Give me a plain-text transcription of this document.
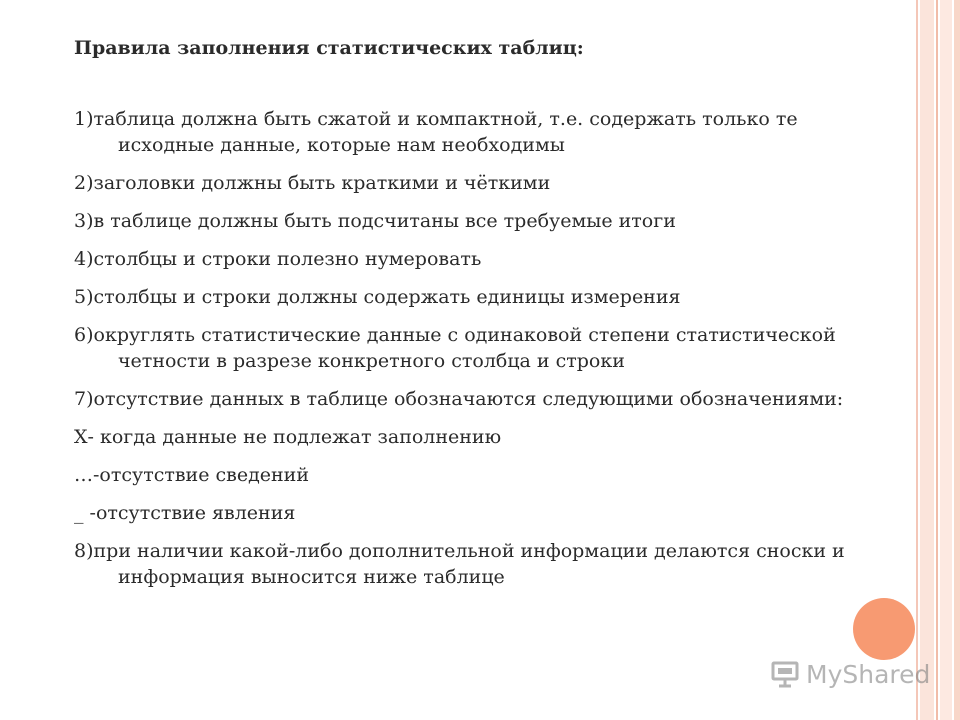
Правила заполнения статистических таблиц:
1)таблица должна быть сжатой и компактной, т.е. содержать только те исходные данные, которые нам необходимы
2)заголовки должны быть краткими и чёткими
3)в таблице должны быть подсчитаны все требуемые итоги
4)столбцы и строки полезно нумеровать
5)столбцы и строки должны содержать единицы измерения
6)округлять статистические данные с одинаковой степени статистической четности в разрезе конкретного столбца и строки
7)отсутствие данных в таблице обозначаются следующими обозначениями:
Х- когда данные не подлежат заполнению
…-отсутствие сведений
_ -отсутствие явления
8)при наличии какой-либо дополнительной информации делаются сноски и информация выносится ниже таблице
MyShared
